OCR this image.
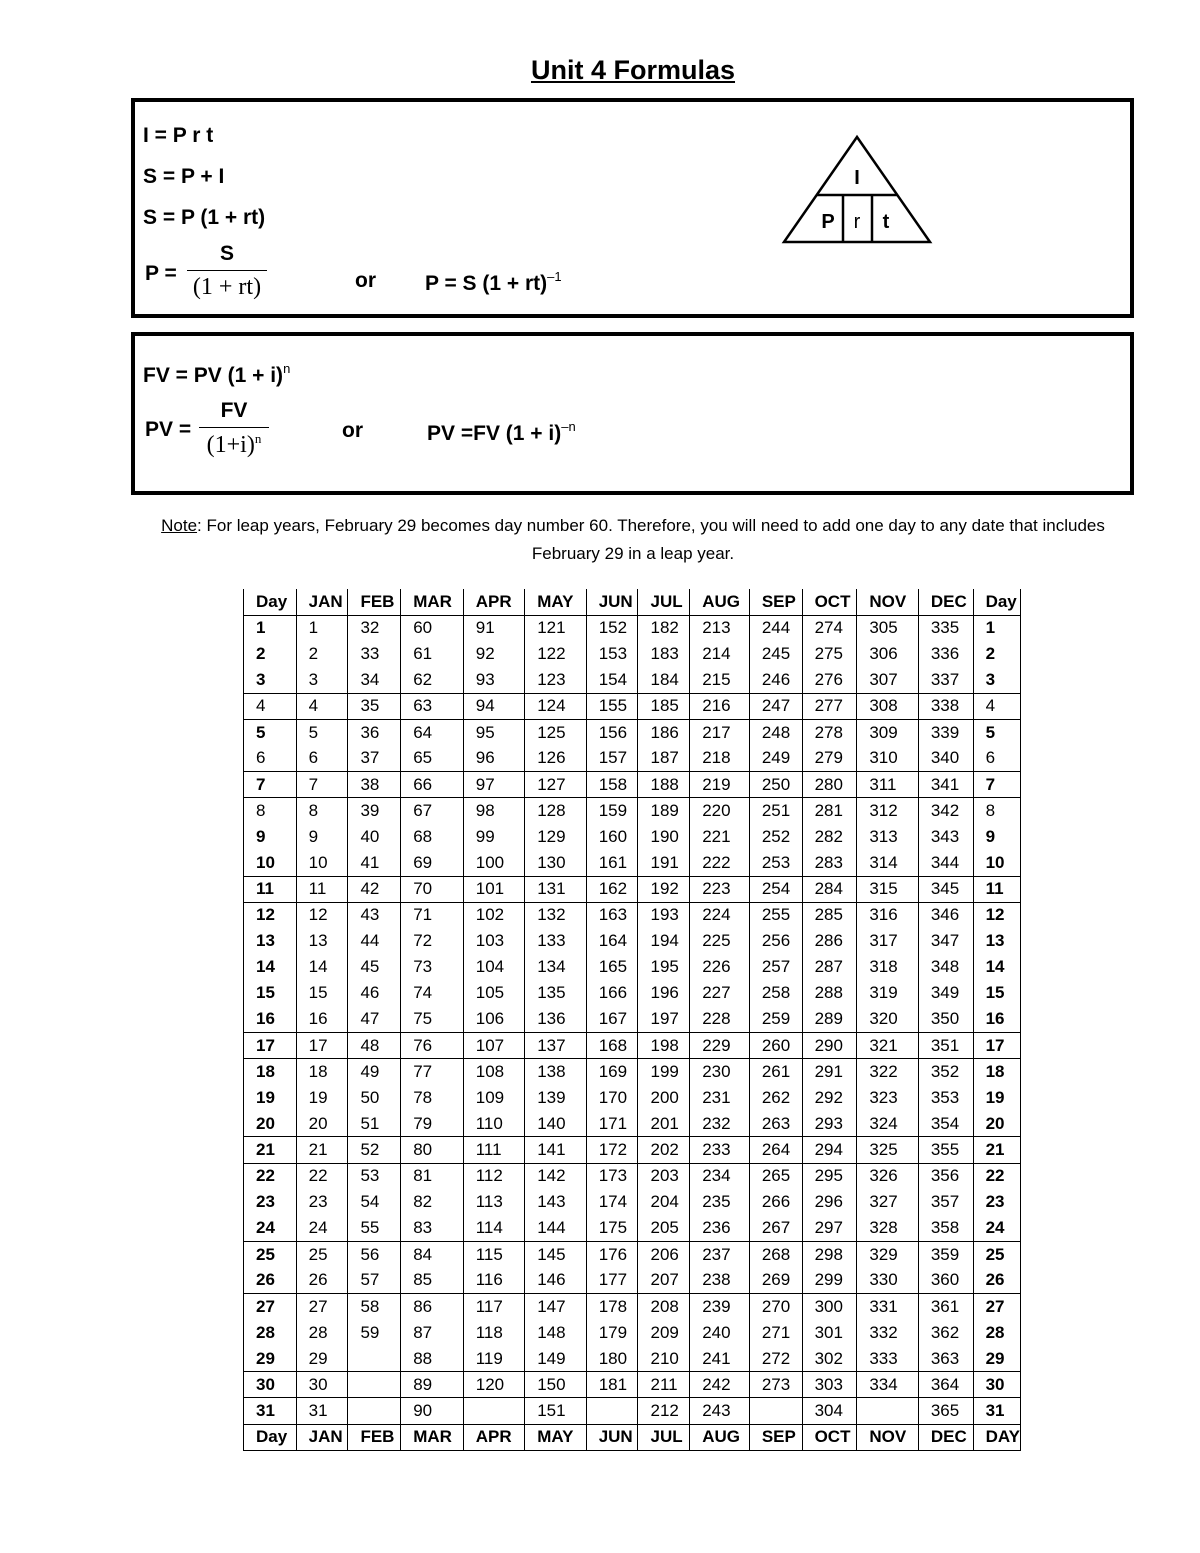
Unit 4 Formulas
I = P r t
S = P + I
S = P (1 + rt)
P =
S
(1 + rt)	or P = S (1 + rt)$^{-1}$
I
P r t
FV = PV $(1 + i)^n$
PV =
FV
$(1+i)^n$	or	PV =FV $(1 + i)^{-n}$
Note: For leap years, February 29 becomes day number 60. Therefore, you will need to add one day to any date that includes February 29 in a leap year.
Day	JAN	FEB	MAR	APR	MAY	JUN	JUL	AUG	SEP	OCT	NOV	DEC	Day
1	1	32	60	91	121	152	182	213	244	274	305	335	1
2	2	33	61	92	122	153	183	214	245	275	306	336	2
3	3	34	62	93	123	154	184	215	246	276	307	337	3
4	4	35	63	94	124	155	185	216	247	277	308	338	4
5	5	36	64	95	125	156	186	217	248	278	309	339	5
6	6	37	65	96	126	157	187	218	249	279	310	340	6
7	7	38	66	97	127	158	188	219	250	280	311	341	7
8	8	39	67	98	128	159	189	220	251	281	312	342	8
9	9	40	68	99	129	160	190	221	252	282	313	343	9
10	10	41	69	100	130	161	191	222	253	283	314	344	10
11	11	42	70	101	131	162	192	223	254	284	315	345	11
12	12	43	71	102	132	163	193	224	255	285	316	346	12
13	13	44	72	103	133	164	194	225	256	286	317	347	13
14	14	45	73	104	134	165	195	226	257	287	318	348	14
15	15	46	74	105	135	166	196	227	258	288	319	349	15
16	16	47	75	106	136	167	197	228	259	289	320	350	16
17	17	48	76	107	137	168	198	229	260	290	321	351	17
18	18	49	77	108	138	169	199	230	261	291	322	352	18
19	19	50	78	109	139	170	200	231	262	292	323	353	19
20	20	51	79	110	140	171	201	232	263	293	324	354	20
21	21	52	80	111	141	172	202	233	264	294	325	355	21
22	22	53	81	112	142	173	203	234	265	295	326	356	22
23	23	54	82	113	143	174	204	235	266	296	327	357	23
24	24	55	83	114	144	175	205	236	267	297	328	358	24
25	25	56	84	115	145	176	206	237	268	298	329	359	25
26	26	57	85	116	146	177	207	238	269	299	330	360	26
27	27	58	86	117	147	178	208	239	270	300	331	361	27
28	28	59	87	118	148	179	209	240	271	301	332	362	28
29	29		88	119	149	180	210	241	272	302	333	363	29
30	30		89	120	150	181	211	242	273	303	334	364	30
31	31		90		151		212	243		304		365	31
Day	JAN	FEB	MAR	APR	MAY	JUN	JUL	AUG	SEP	OCT	NOV	DEC	DAY
